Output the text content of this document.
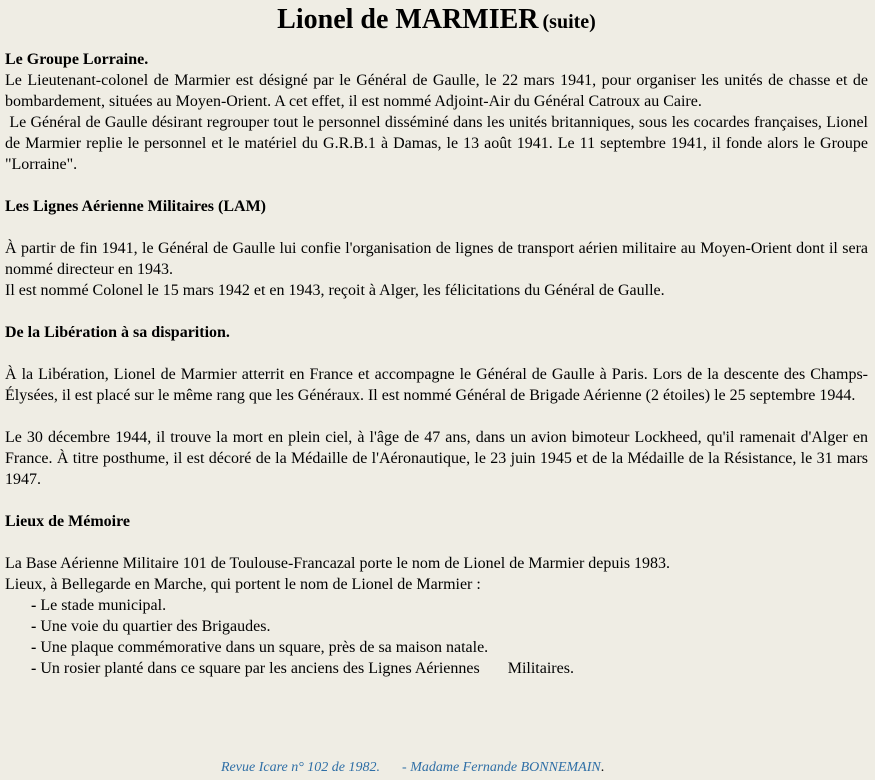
Lionel de MARMIER (suite)

Le Groupe Lorraine.

Le Lieutenant-colonel de Marmier est désigné par le Général de Gaulle, le 22 mars 1941, pour organiser les unités de chasse et de bombardement, situées au Moyen-Orient. A cet effet, il est nommé Adjoint-Air du Général Catroux au Caire.

Le Général de Gaulle désirant regrouper tout le personnel disséminé dans les unités britanniques, sous les cocardes françaises, Lionel de Marmier replie le personnel et le matériel du G.R.B.1 à Damas, le 13 août 1941. Le 11 septembre 1941, il fonde alors le Groupe "Lorraine".

Les Lignes Aérienne Militaires (LAM)

À partir de fin 1941, le Général de Gaulle lui confie l'organisation de lignes de transport aérien militaire au Moyen-Orient dont il sera nommé directeur en 1943.

Il est nommé Colonel le 15 mars 1942 et en 1943, reçoit à Alger, les félicitations du Général de Gaulle.

De la Libération à sa disparition.

À la Libération, Lionel de Marmier atterrit en France et accompagne le Général de Gaulle à Paris. Lors de la descente des Champs-Élysées, il est placé sur le même rang que les Généraux. Il est nommé Général de Brigade Aérienne (2 étoiles) le 25 septembre 1944.

Le 30 décembre 1944, il trouve la mort en plein ciel, à l'âge de 47 ans, dans un avion bimoteur Lockheed, qu'il ramenait d'Alger en France. À titre posthume, il est décoré de la Médaille de l'Aéronautique, le 23 juin 1945 et de la Médaille de la Résistance, le 31 mars 1947.

Lieux de Mémoire

La Base Aérienne Militaire 101 de Toulouse-Francazal porte le nom de Lionel de Marmier depuis 1983.

Lieux, à Bellegarde en Marche, qui portent le nom de Lionel de Marmier :

- Le stade municipal.
- Une voie du quartier des Brigaudes.
- Une plaque commémorative dans un square, près de sa maison natale.
- Un rosier planté dans ce square par les anciens des Lignes Aériennes       Militaires.
Revue Icare n° 102 de 1982. - Madame Fernande BONNEMAIN.
